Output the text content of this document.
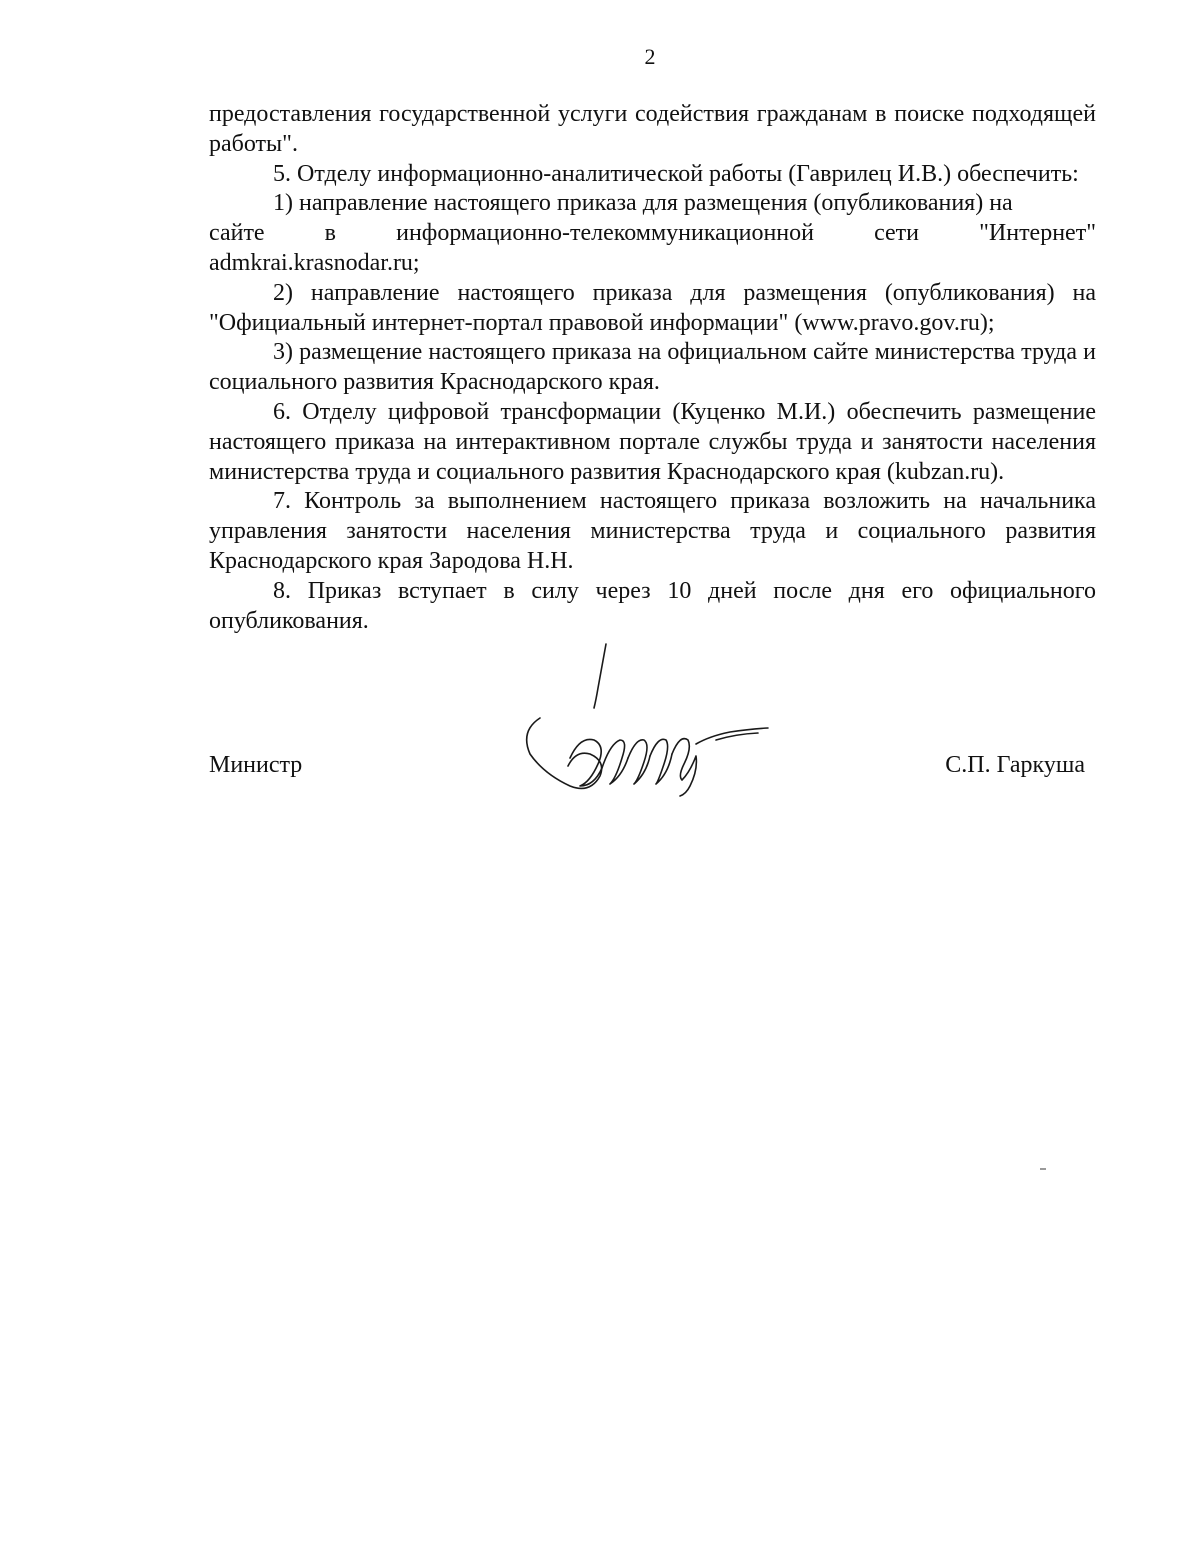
2

предоставления государственной услуги содействия гражданам в поиске подходящей работы".

5. Отделу информационно-аналитической работы (Гаврилец И.В.) обеспечить:

1) направление настоящего приказа для размещения (опубликования) на

сайте	в	информационно-телекоммуникационной	сети	"Интернет"

admkrai.krasnodar.ru;

2) направление настоящего приказа для размещения (опубликования) на "Официальный интернет-портал правовой информации" (www.pravo.gov.ru);

3) размещение настоящего приказа на официальном сайте министерства труда и социального развития Краснодарского края.

6. Отделу цифровой трансформации (Куценко М.И.) обеспечить размещение настоящего приказа на интерактивном портале службы труда и занятости населения министерства труда и социального развития Краснодарского края (kubzan.ru).

7. Контроль за выполнением настоящего приказа возложить на начальника управления занятости населения министерства труда и социального развития Краснодарского края Зародова Н.Н.

8. Приказ вступает в силу через 10 дней после дня его официального опубликования.

Министр	С.П. Гаркуша
